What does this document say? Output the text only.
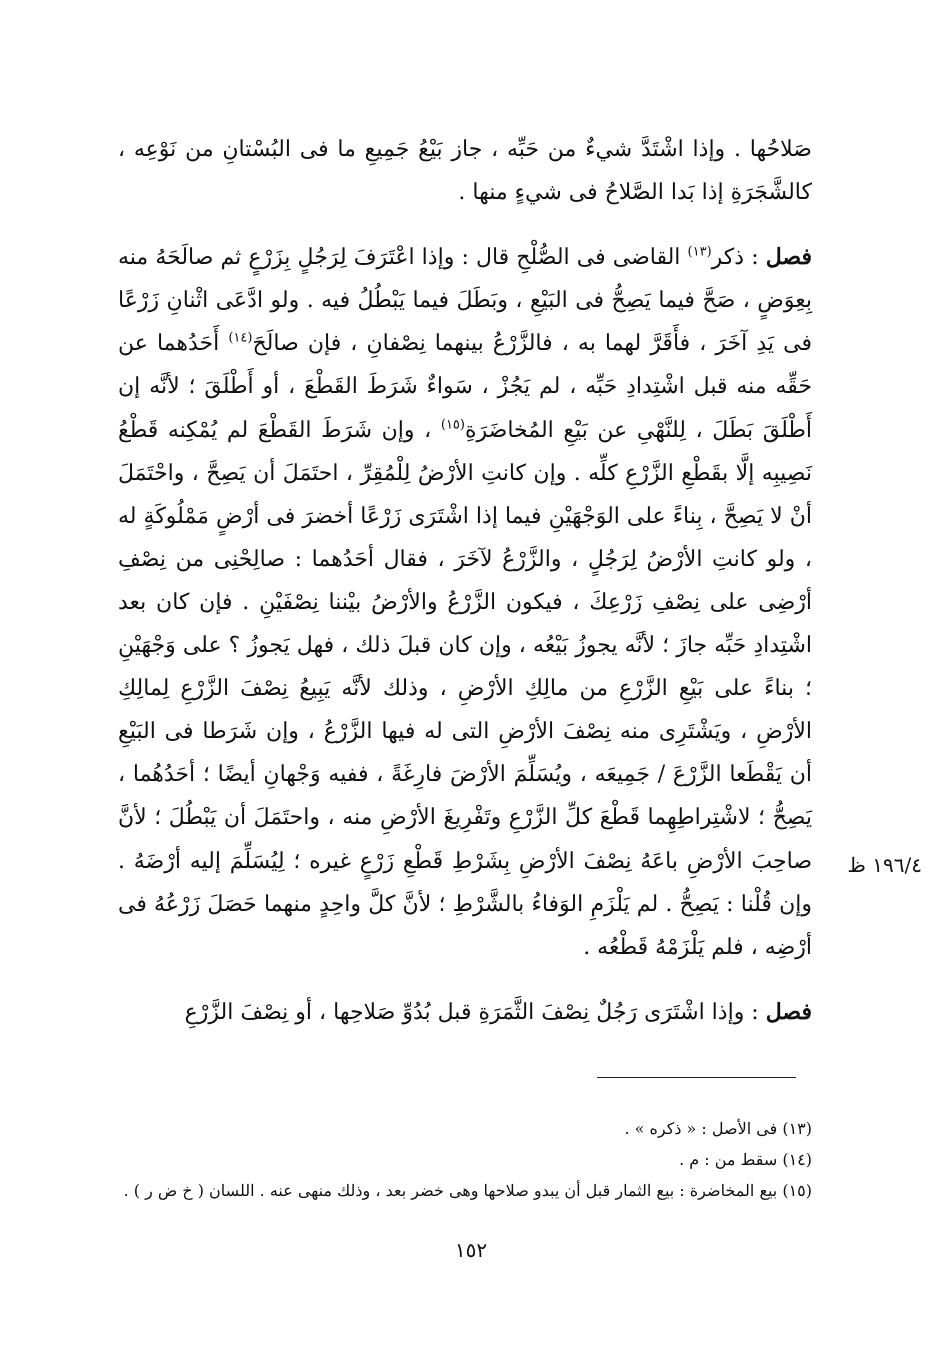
صَلاحُها . وإذا اشْتَدَّ شيءٌ من حَبِّه ، جاز بَيْعُ جَمِيعِ ما فى البُسْتانِ من نَوْعِه ، كالشَّجَرَةِ إذا بَدا الصَّلاحُ فى شيءٍ منها .

فصل : ذكر$^{(١٣)}$ القاضى فى الصُّلْحِ قال : وإذا اعْتَرَفَ لِرَجُلٍ بِزَرْعٍ ثم صالَحَهُ منه بِعِوَضٍ ، صَحَّ فيما يَصِحُّ فى البَيْعِ ، وبَطَلَ فيما يَبْطُلُ فيه . ولو ادَّعَى اثْنانِ زَرْعًا فى يَدِ آخَرَ ، فأَقَرَّ لهما به ، فالزَّرْعُ بينهما نِصْفانِ ، فإن صالَحَ$^{(١٤)}$ أَحَدُهما عن حَقِّه منه قبل اشْتِدادِ حَبِّه ، لم يَجُزْ ، سَواءٌ شَرَطَ القَطْعَ ، أو أَطْلَقَ ؛ لأنَّه إن أَطْلَقَ بَطَلَ ، لِلنَّهْىِ عن بَيْعِ المُخاضَرَةِ$^{(١٥)}$ ، وإن شَرَطَ القَطْعَ لم يُمْكِنه قَطْعُ نَصِيبِه إلَّا بقَطْعِ الزَّرْعِ كلِّه . وإن كانتِ الأرْضُ لِلْمُقِرِّ ، احتَمَلَ أن يَصِحَّ ، واحْتَمَلَ أنْ لا يَصِحَّ ، بِناءً على الوَجْهَيْنِ فيما إذا اشْتَرَى زَرْعًا أخضرَ فى أرْضٍ مَمْلُوكَةٍ له ، ولو كانتِ الأرْضُ لِرَجُلٍ ، والزَّرْعُ لآخَرَ ، فقال أحَدُهما : صالِحْنِى من نِصْفِ أرْضِى على نِصْفِ زَرْعِكَ ، فيكون الزَّرْعُ والأرْضُ بيْننا نِصْفَيْنِ . فإن كان بعد اشْتِدادِ حَبِّه جازَ ؛ لأنَّه يجوزُ بَيْعُه ، وإن كان قبلَ ذلك ، فهل يَجوزُ ؟ على وَجْهَيْنِ ؛ بناءً على بَيْعِ الزَّرْعِ من مالِكِ الأرْضِ ، وذلك لأنَّه يَبِيعُ نِصْفَ الزَّرْعِ لِمالِكِ الأرْضِ ، ويَشْتَرِى منه نِصْفَ الأرْضِ التى له فيها الزَّرْعُ ، وإن شَرَطا فى البَيْعِ أن يَقْطَعا الزَّرْعَ / جَمِيعَه ، ويُسَلِّمَ الأرْضَ فارِغَةً ، ففيه وَجْهانِ أيضًا ؛ أحَدُهُما ، يَصِحُّ ؛ لاشْتِراطِهِما قَطْعَ كلِّ الزَّرْعِ وتَفْرِيغَ الأرْضِ منه ، واحتَمَلَ أن يَبْطُلَ ؛ لأنَّ صاحِبَ الأرْضِ باعَهُ نِصْفَ الأرْضِ بِشَرْطِ قَطْعِ زَرْعٍ غيره ؛ لِيُسَلِّمَ إليه أرْضَهُ . وإن قُلْنا : يَصِحُّ . لم يَلْزَمِ الوَفاءُ بالشَّرْطِ ؛ لأنَّ كلَّ واحِدٍ منهما حَصَلَ زَرْعُهُ فى أرْضِه ، فلم يَلْزَمْهُ قَطْعُه .

فصل : وإذا اشْتَرَى رَجُلٌ نِصْفَ الثَّمَرَةِ قبل بُدُوِّ صَلاحِها ، أو نِصْفَ الزَّرْعِ

١٩٦/٤ ظ
(١٣) فى الأصل : « ذكره » .
(١٤) سقط من : م .
(١٥) بيع المخاضرة : بيع الثمار قبل أن يبدو صلاحها وهى خضر بعد ، وذلك منهى عنه . اللسان ( خ ض ر ) .
١٥٢
